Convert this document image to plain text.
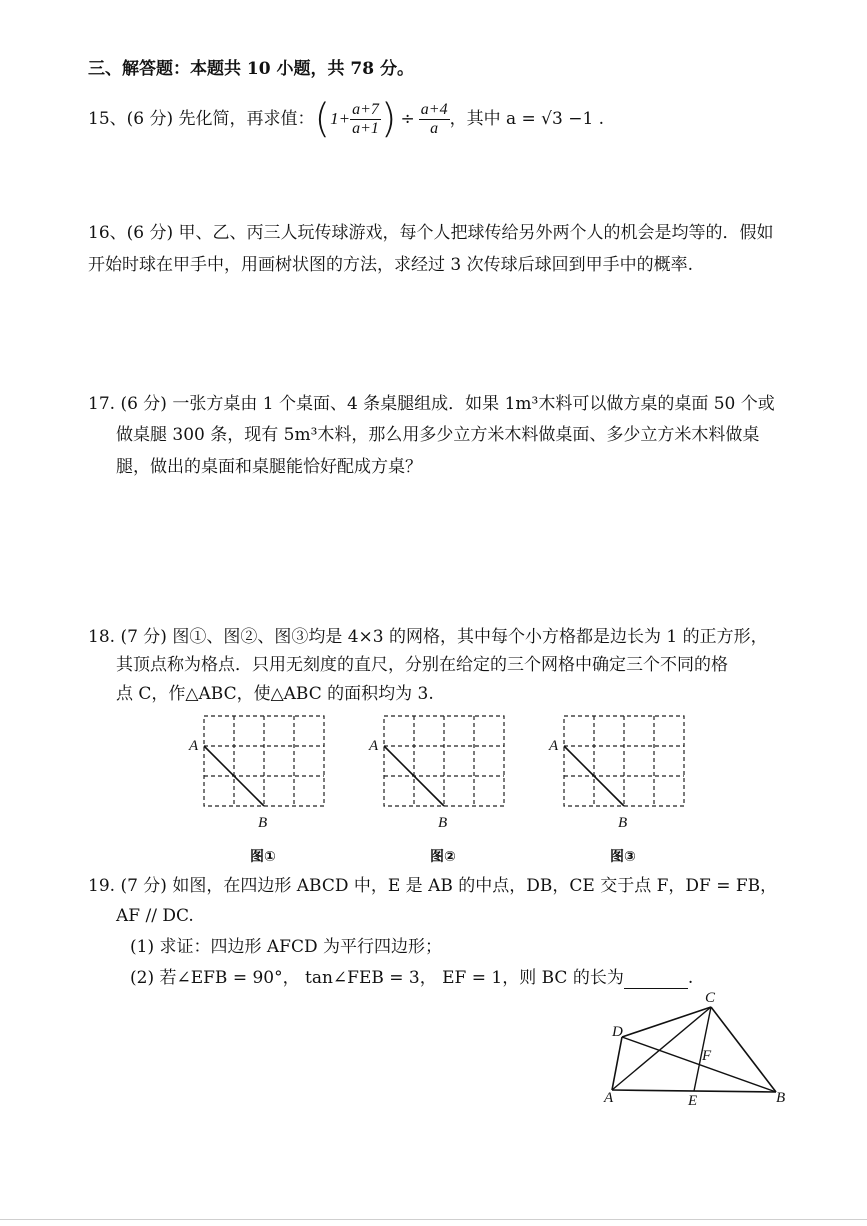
三、解答题：本题共 10 小题，共 78 分。
15、(6 分) 先化简，再求值： ( $1+ \frac{a+7}{a+1}$ ) ÷ $\frac{a+4}{a}$ ，其中 a = √3 −1 .
16、(6 分) 甲、乙、丙三人玩传球游戏，每个人把球传给另外两个人的机会是均等的．假如
开始时球在甲手中，用画树状图的方法，求经过 3 次传球后球回到甲手中的概率.
17. (6 分) 一张方桌由 1 个桌面、4 条桌腿组成．如果 1m³木料可以做方桌的桌面 50 个或
做桌腿 300 条，现有 5m³木料，那么用多少立方米木料做桌面、多少立方米木料做桌
腿，做出的桌面和桌腿能恰好配成方桌？
18. (7 分) 图①、图②、图③均是 4×3 的网格，其中每个小方格都是边长为 1 的正方形，
其顶点称为格点．只用无刻度的直尺，分别在给定的三个网格中确定三个不同的格
点 C，作△ABC，使△ABC 的面积均为 3.
A
B
图①
A
B
图②
A
B
图③
19. (7 分) 如图，在四边形 ABCD 中，E 是 AB 的中点，DB，CE 交于点 F，DF = FB，
AF // DC.
(1) 求证：四边形 AFCD 为平行四边形；
(2) 若∠EFB = 90°， tan∠FEB = 3， EF = 1，则 BC 的长为	.
C
D
F
A	E	B
